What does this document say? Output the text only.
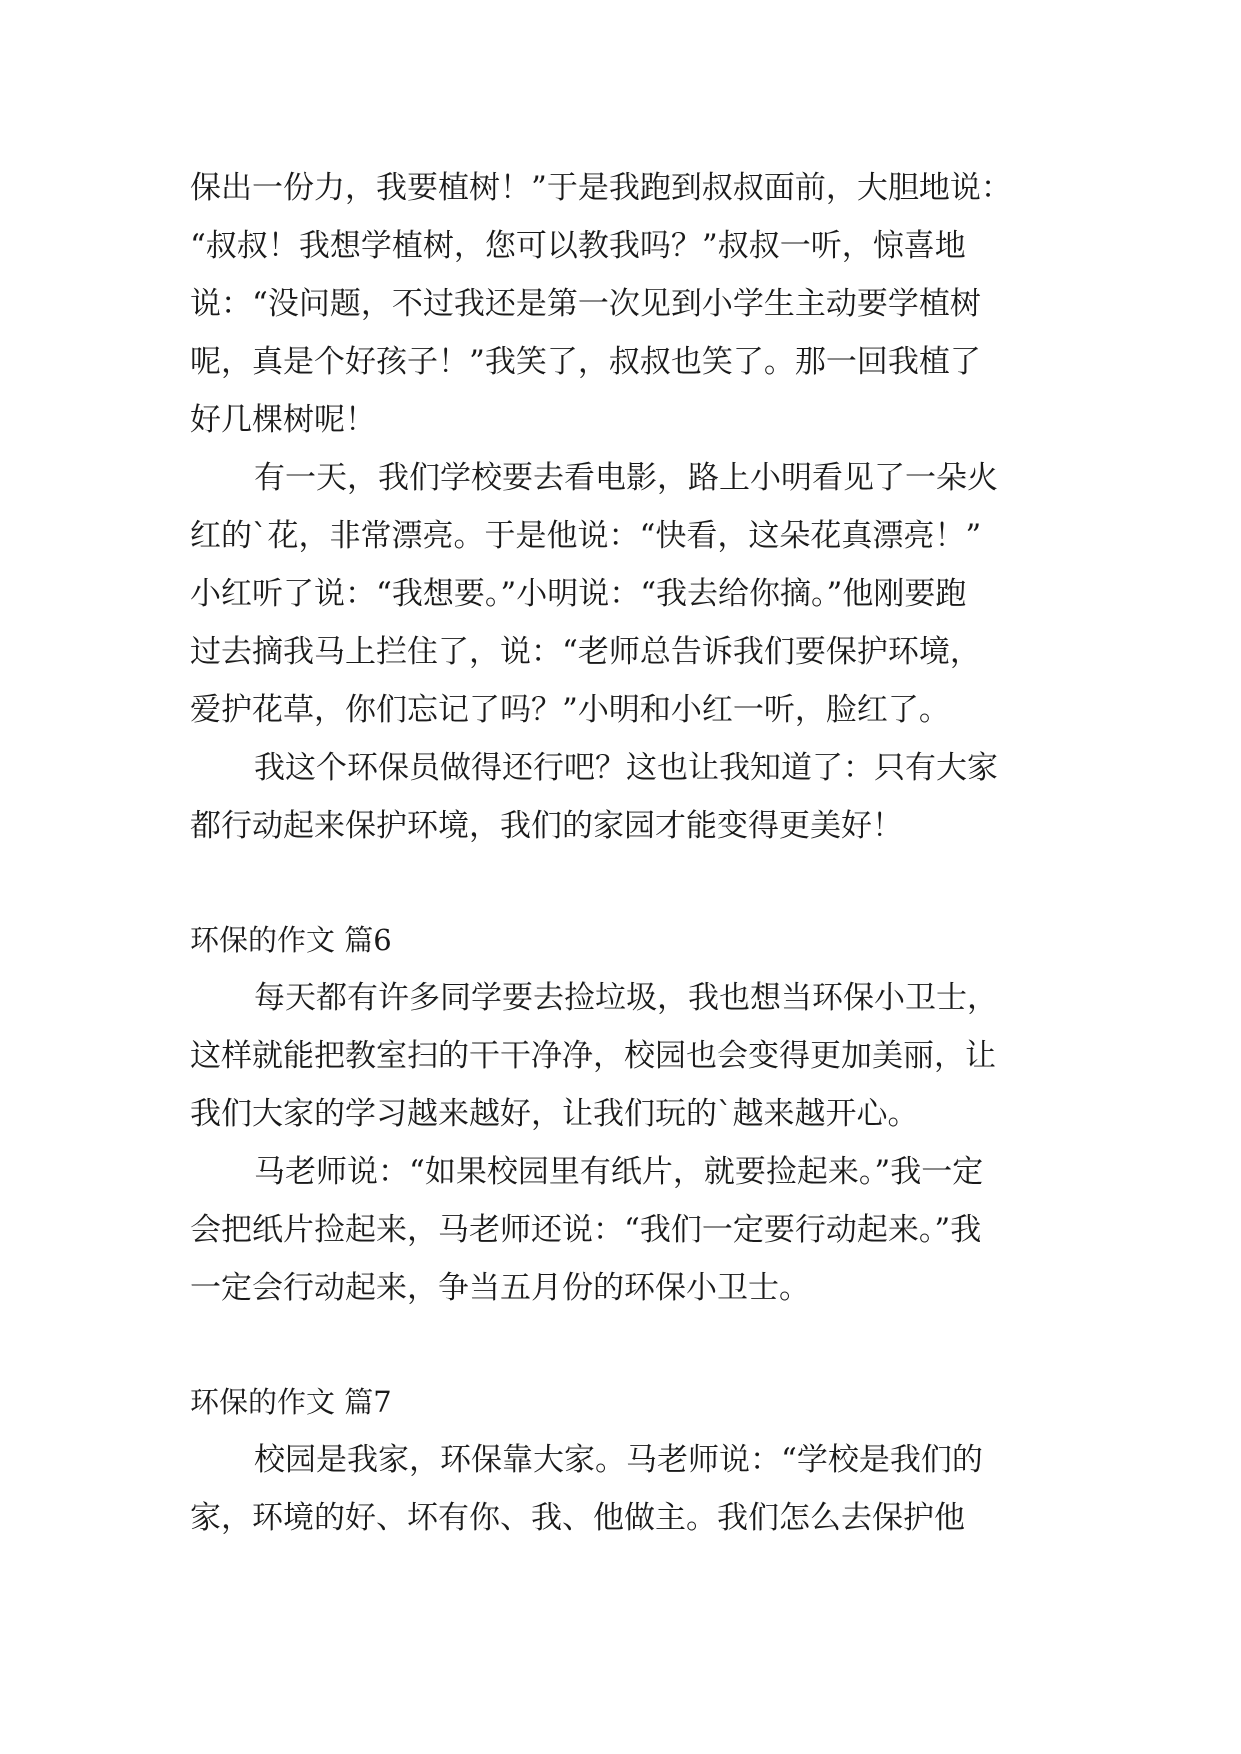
保出一份力，我要植树！”于是我跑到叔叔面前，大胆地说：
“叔叔！我想学植树，您可以教我吗？”叔叔一听，惊喜地
说：“没问题，不过我还是第一次见到小学生主动要学植树
呢，真是个好孩子！”我笑了，叔叔也笑了。那一回我植了
好几棵树呢！
有一天，我们学校要去看电影，路上小明看见了一朵火
红的`花，非常漂亮。于是他说：“快看，这朵花真漂亮！”
小红听了说：“我想要。”小明说：“我去给你摘。”他刚要跑
过去摘我马上拦住了，说：“老师总告诉我们要保护环境，
爱护花草，你们忘记了吗？”小明和小红一听，脸红了。
我这个环保员做得还行吧？这也让我知道了：只有大家
都行动起来保护环境，我们的家园才能变得更美好！
环保的作文 篇6
每天都有许多同学要去捡垃圾，我也想当环保小卫士，
这样就能把教室扫的干干净净，校园也会变得更加美丽，让
我们大家的学习越来越好，让我们玩的`越来越开心。
马老师说：“如果校园里有纸片，就要捡起来。”我一定
会把纸片捡起来，马老师还说：“我们一定要行动起来。”我
一定会行动起来，争当五月份的环保小卫士。
环保的作文 篇7
校园是我家，环保靠大家。马老师说：“学校是我们的
家，环境的好、坏有你、我、他做主。我们怎么去保护他
